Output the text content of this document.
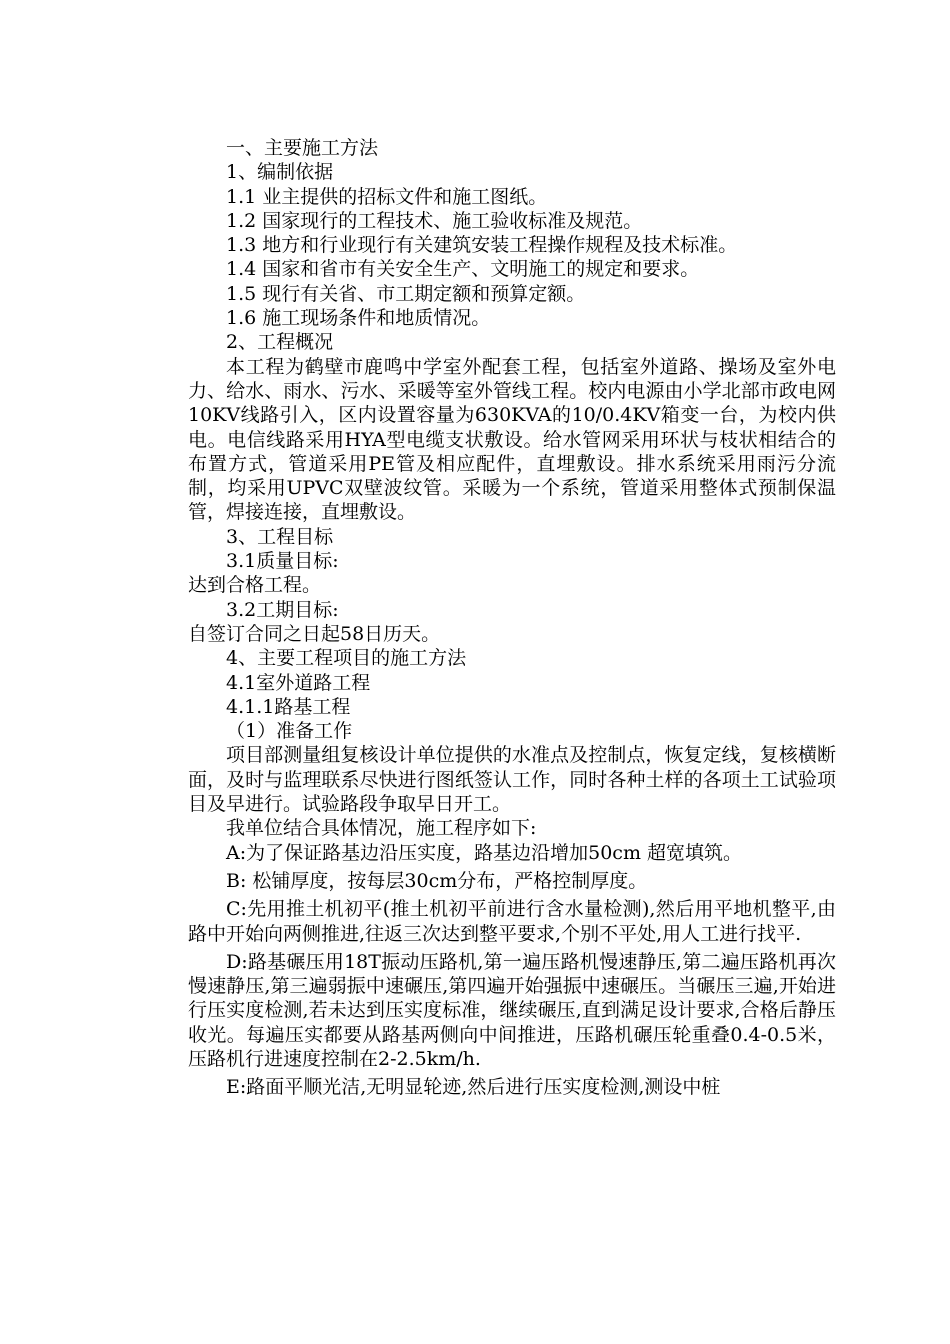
一、主要施工方法

1、编制依据

1.1 业主提供的招标文件和施工图纸。

1.2 国家现行的工程技术、施工验收标准及规范。

1.3 地方和行业现行有关建筑安装工程操作规程及技术标准。

1.4 国家和省市有关安全生产、文明施工的规定和要求。

1.5 现行有关省、市工期定额和预算定额。

1.6 施工现场条件和地质情况。

2、工程概况

本工程为鹤壁市鹿鸣中学室外配套工程，包括室外道路、操场及室外电力、给水、雨水、污水、采暖等室外管线工程。校内电源由小学北部市政电网10KV线路引入，区内设置容量为630KVA的10/0.4KV箱变一台，为校内供电。电信线路采用HYA型电缆支状敷设。给水管网采用环状与枝状相结合的布置方式，管道采用PE管及相应配件，直埋敷设。排水系统采用雨污分流制，均采用UPVC双壁波纹管。采暖为一个系统，管道采用整体式预制保温管，焊接连接，直埋敷设。

3、工程目标

3.1质量目标:

达到合格工程。

3.2工期目标:

自签订合同之日起58日历天。

4、主要工程项目的施工方法

4.1室外道路工程

4.1.1路基工程

（1）准备工作

项目部测量组复核设计单位提供的水准点及控制点，恢复定线，复核横断面，及时与监理联系尽快进行图纸签认工作，同时各种土样的各项土工试验项目及早进行。试验路段争取早日开工。

我单位结合具体情况，施工程序如下:

A:为了保证路基边沿压实度，路基边沿增加50cm 超宽填筑。

B: 松铺厚度，按每层30cm分布，严格控制厚度。

C:先用推土机初平(推土机初平前进行含水量检测),然后用平地机整平,由路中开始向两侧推进,往返三次达到整平要求,个别不平处,用人工进行找平.

D:路基碾压用18T振动压路机,第一遍压路机慢速静压,第二遍压路机再次慢速静压,第三遍弱振中速碾压,第四遍开始强振中速碾压。当碾压三遍,开始进行压实度检测,若未达到压实度标准，继续碾压,直到满足设计要求,合格后静压收光。每遍压实都要从路基两侧向中间推进，压路机碾压轮重叠0.4-0.5米，压路机行进速度控制在2-2.5km/h.

E:路面平顺光洁,无明显轮迹,然后进行压实度检测,测设中桩
